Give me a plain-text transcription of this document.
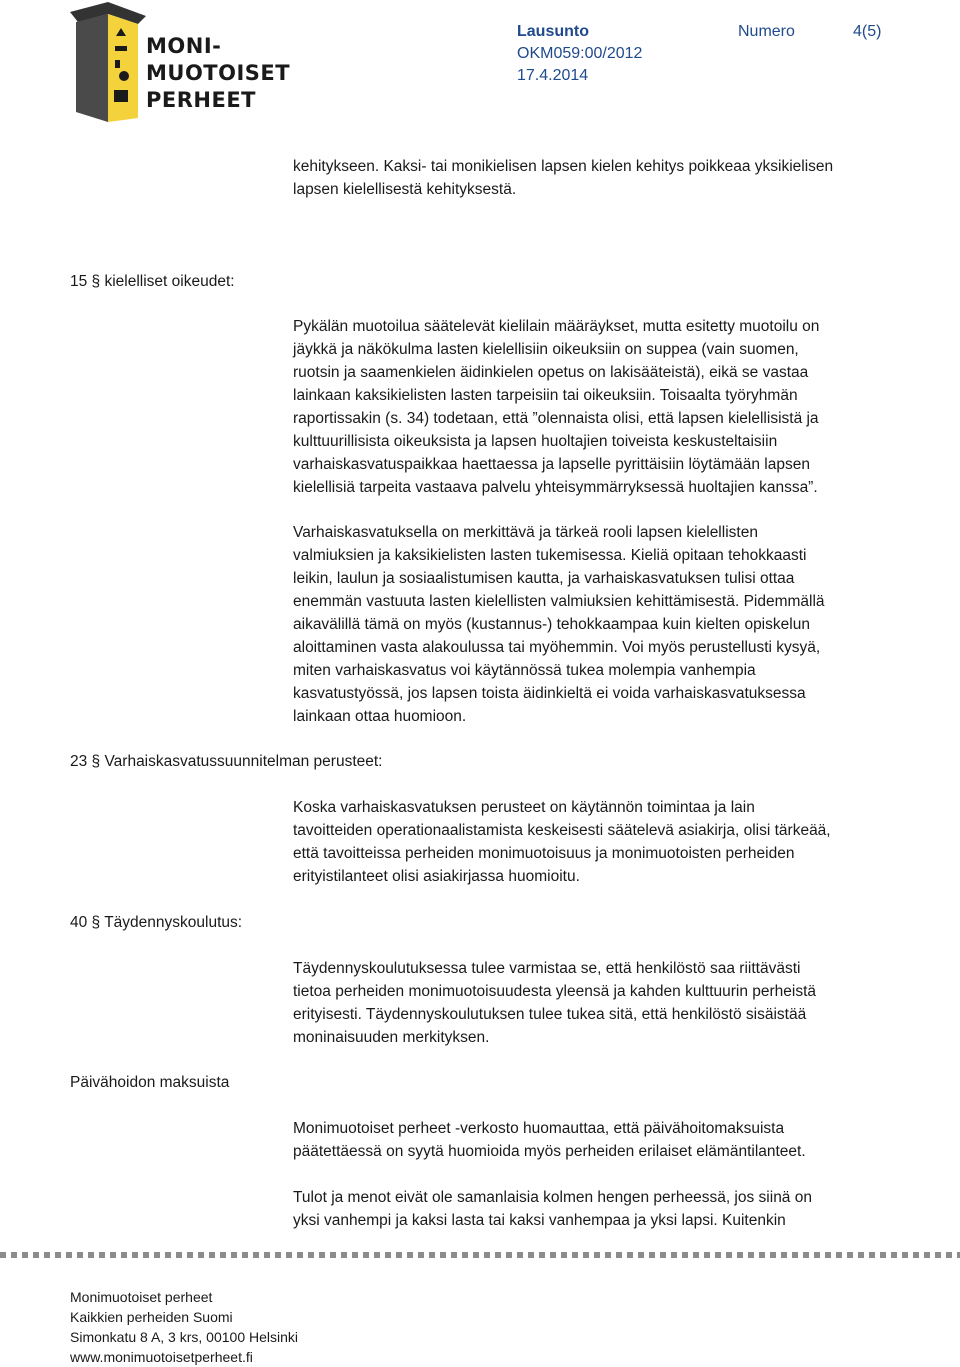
MONI-
MUOTOISET
PERHEET
Lausunto	Numero	4(5)
OKM059:00/2012
17.4.2014
kehitykseen. Kaksi- tai monikielisen lapsen kielen kehitys poikkeaa yksikielisen
lapsen kielellisestä kehityksestä.
15 § kielelliset oikeudet:
23 § Varhaiskasvatussuunnitelman perusteet:
40 § Täydennyskoulutus:
Päivähoidon maksuista
Pykälän muotoilua säätelevät kielilain määräykset, mutta esitetty muotoilu on
jäykkä ja näkökulma lasten kielellisiin oikeuksiin on suppea (vain suomen,
ruotsin ja saamenkielen äidinkielen opetus on lakisääteistä), eikä se vastaa
lainkaan kaksikielisten lasten tarpeisiin tai oikeuksiin. Toisaalta työryhmän
raportissakin (s. 34) todetaan, että ”olennaista olisi, että lapsen kielellisistä ja
kulttuurillisista oikeuksista ja lapsen huoltajien toiveista keskusteltaisiin
varhaiskasvatuspaikkaa haettaessa ja lapselle pyrittäisiin löytämään lapsen
kielellisiä tarpeita vastaava palvelu yhteisymmärryksessä huoltajien kanssa”.
Varhaiskasvatuksella on merkittävä ja tärkeä rooli lapsen kielellisten
valmiuksien ja kaksikielisten lasten tukemisessa. Kieliä opitaan tehokkaasti
leikin, laulun ja sosiaalistumisen kautta, ja varhaiskasvatuksen tulisi ottaa
enemmän vastuuta lasten kielellisten valmiuksien kehittämisestä. Pidemmällä
aikavälillä tämä on myös (kustannus-) tehokkaampaa kuin kielten opiskelun
aloittaminen vasta alakoulussa tai myöhemmin. Voi myös perustellusti kysyä,
miten varhaiskasvatus voi käytännössä tukea molempia vanhempia
kasvatustyössä, jos lapsen toista äidinkieltä ei voida varhaiskasvatuksessa
lainkaan ottaa huomioon.
Koska varhaiskasvatuksen perusteet on käytännön toimintaa ja lain
tavoitteiden operationaalistamista keskeisesti säätelevä asiakirja, olisi tärkeää,
että tavoitteissa perheiden monimuotoisuus ja monimuotoisten perheiden
erityistilanteet olisi asiakirjassa huomioitu.
Täydennyskoulutuksessa tulee varmistaa se, että henkilöstö saa riittävästi
tietoa perheiden monimuotoisuudesta yleensä ja kahden kulttuurin perheistä
erityisesti. Täydennyskoulutuksen tulee tukea sitä, että henkilöstö sisäistää
moninaisuuden merkityksen.
Monimuotoiset perheet -verkosto huomauttaa, että päivähoitomaksuista
päätettäessä on syytä huomioida myös perheiden erilaiset elämäntilanteet.
Tulot ja menot eivät ole samanlaisia kolmen hengen perheessä, jos siinä on
yksi vanhempi ja kaksi lasta tai kaksi vanhempaa ja yksi lapsi. Kuitenkin
Monimuotoiset perheet
Kaikkien perheiden Suomi
Simonkatu 8 A, 3 krs, 00100 Helsinki
www.monimuotoisetperheet.fi
